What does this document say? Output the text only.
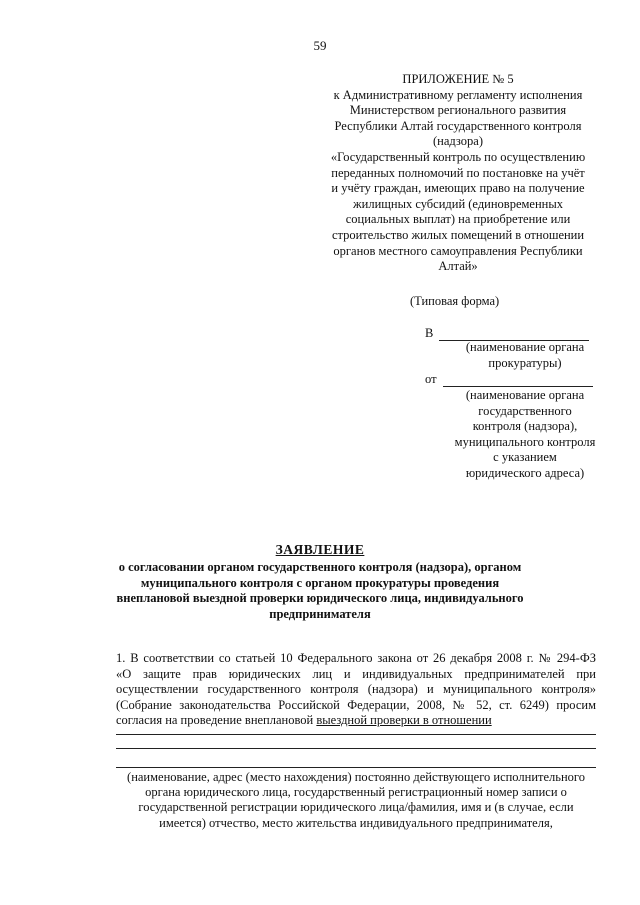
59
ПРИЛОЖЕНИЕ № 5
к Административному регламенту исполнения
Министерством регионального развития
Республики Алтай государственного контроля
(надзора)
«Государственный контроль по осуществлению
переданных полномочий по постановке на учёт
и учёту граждан, имеющих право на получение
жилищных субсидий (единовременных
социальных выплат) на приобретение или
строительство жилых помещений в отношении
органов местного самоуправления Республики
Алтай»
(Типовая форма)
В
(наименование органа
прокуратуры)
от
(наименование органа
государственного
контроля (надзора),
муниципального контроля
с указанием
юридического адреса)
ЗАЯВЛЕНИЕ
о согласовании органом государственного контроля (надзора), органом
муниципального контроля с органом прокуратуры проведения
внеплановой выездной проверки юридического лица, индивидуального
предпринимателя
1. В соответствии со статьей 10 Федерального закона от 26 декабря 2008 г. № 294-ФЗ
«О защите прав юридических лиц и индивидуальных предпринимателей при
осуществлении государственного контроля (надзора) и муниципального контроля»
(Собрание законодательства Российской Федерации, 2008, № 52, ст. 6249) просим
согласия на проведение внеплановой выездной проверки в отношении
(наименование, адрес (место нахождения) постоянно действующего исполнительного
органа юридического лица, государственный регистрационный номер записи о
государственной регистрации юридического лица/фамилия, имя и (в случае, если
имеется) отчество, место жительства индивидуального предпринимателя,
